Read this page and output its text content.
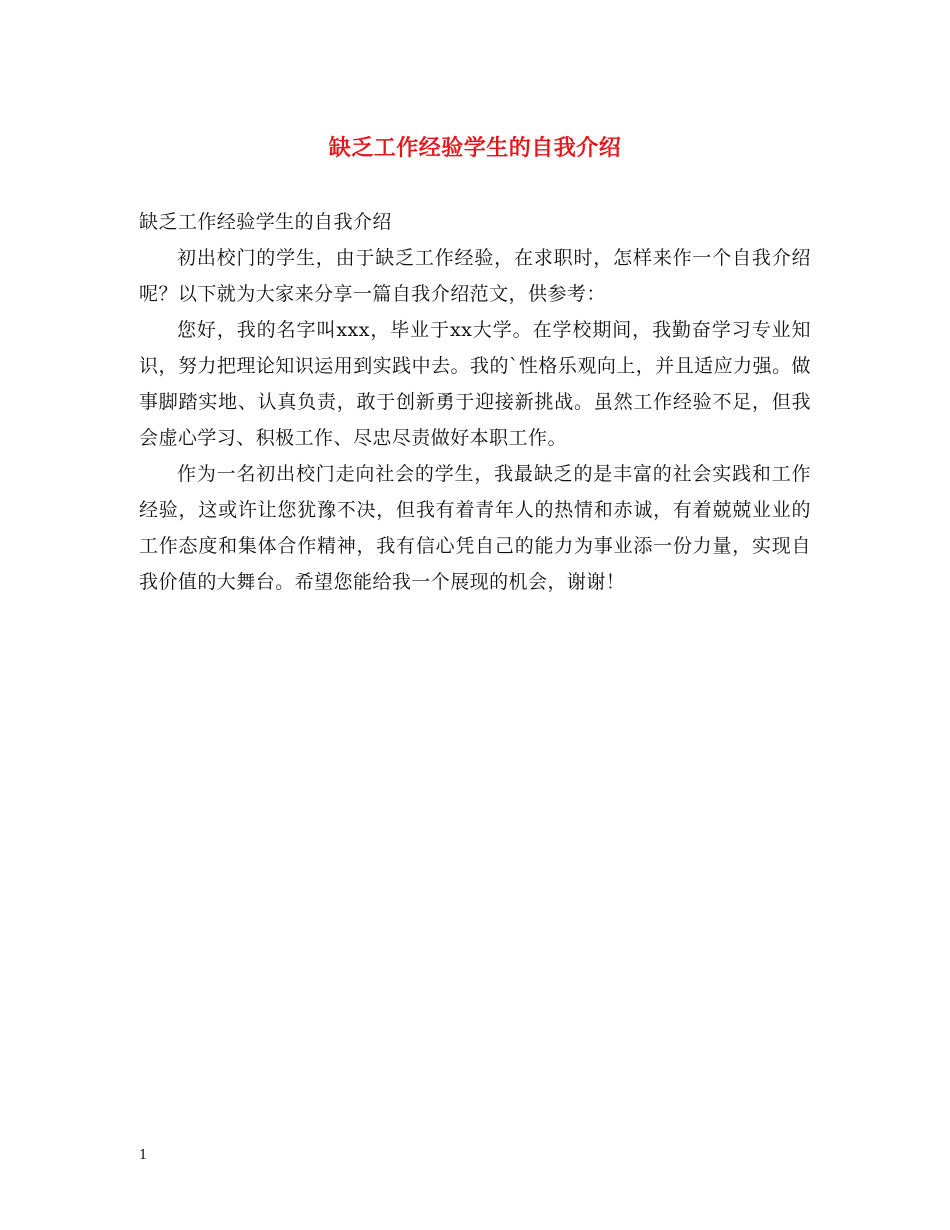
缺乏工作经验学生的自我介绍

缺乏工作经验学生的自我介绍

初出校门的学生，由于缺乏工作经验，在求职时，怎样来作一个自我介绍呢？以下就为大家来分享一篇自我介绍范文，供参考：

您好，我的名字叫xxx，毕业于xx大学。在学校期间，我勤奋学习专业知识，努力把理论知识运用到实践中去。我的`性格乐观向上，并且适应力强。做事脚踏实地、认真负责，敢于创新勇于迎接新挑战。虽然工作经验不足，但我会虚心学习、积极工作、尽忠尽责做好本职工作。

作为一名初出校门走向社会的学生，我最缺乏的是丰富的社会实践和工作经验，这或许让您犹豫不决，但我有着青年人的热情和赤诚，有着兢兢业业的工作态度和集体合作精神，我有信心凭自己的能力为事业添一份力量，实现自我价值的大舞台。希望您能给我一个展现的机会，谢谢！

1
